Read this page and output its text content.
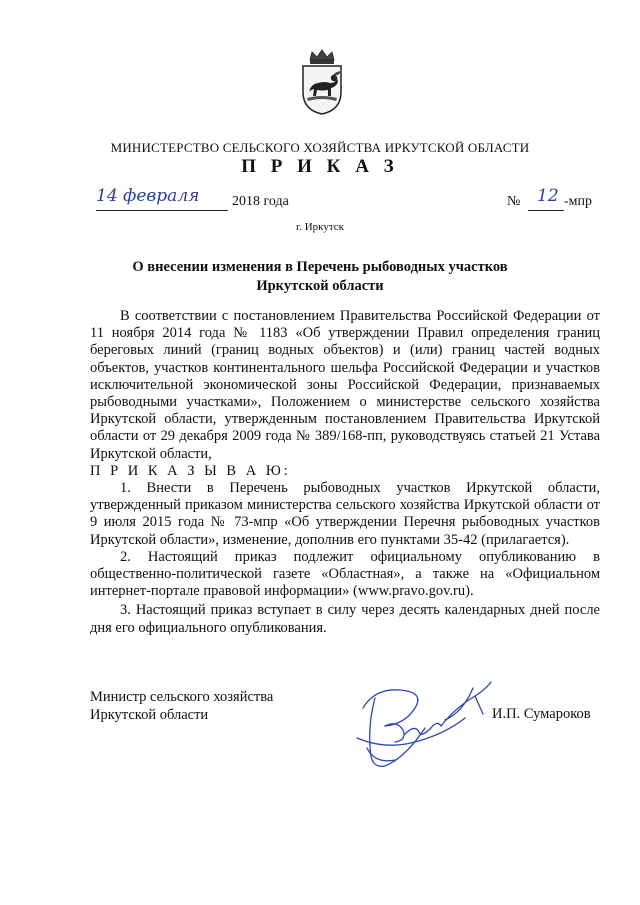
МИНИСТЕРСТВО СЕЛЬСКОГО ХОЗЯЙСТВА ИРКУТСКОЙ ОБЛАСТИ
П Р И К А З
14 февраля 2018 года	№ 12 -мпр
г. Иркутск
О внесении изменения в Перечень рыбоводных участков
Иркутской области

В соответствии с постановлением Правительства Российской Федерации от 11 ноября 2014 года № 1183 «Об утверждении Правил определения границ береговых линий (границ водных объектов) и (или) границ частей водных объектов, участков континентального шельфа Российской Федерации и участков исключительной экономической зоны Российской Федерации, признаваемых рыбоводными участками», Положением о министерстве сельского хозяйства Иркутской области, утвержденным постановлением Правительства Иркутской области от 29 декабря 2009 года № 389/168-пп, руководствуясь статьей 21 Устава Иркутской области,

П Р И К А З Ы В А Ю:

1. Внести в Перечень рыбоводных участков Иркутской области, утвержденный приказом министерства сельского хозяйства Иркутской области от 9 июля 2015 года № 73-мпр «Об утверждении Перечня рыбоводных участков Иркутской области», изменение, дополнив его пунктами 35-42 (прилагается).

2. Настоящий приказ подлежит официальному опубликованию в общественно-политической газете «Областная», а также на «Официальном интернет-портале правовой информации» (www.pravo.gov.ru).

3. Настоящий приказ вступает в силу через десять календарных дней после дня его официального опубликования.

Министр сельского хозяйства
Иркутской области	И.П. Сумароков
